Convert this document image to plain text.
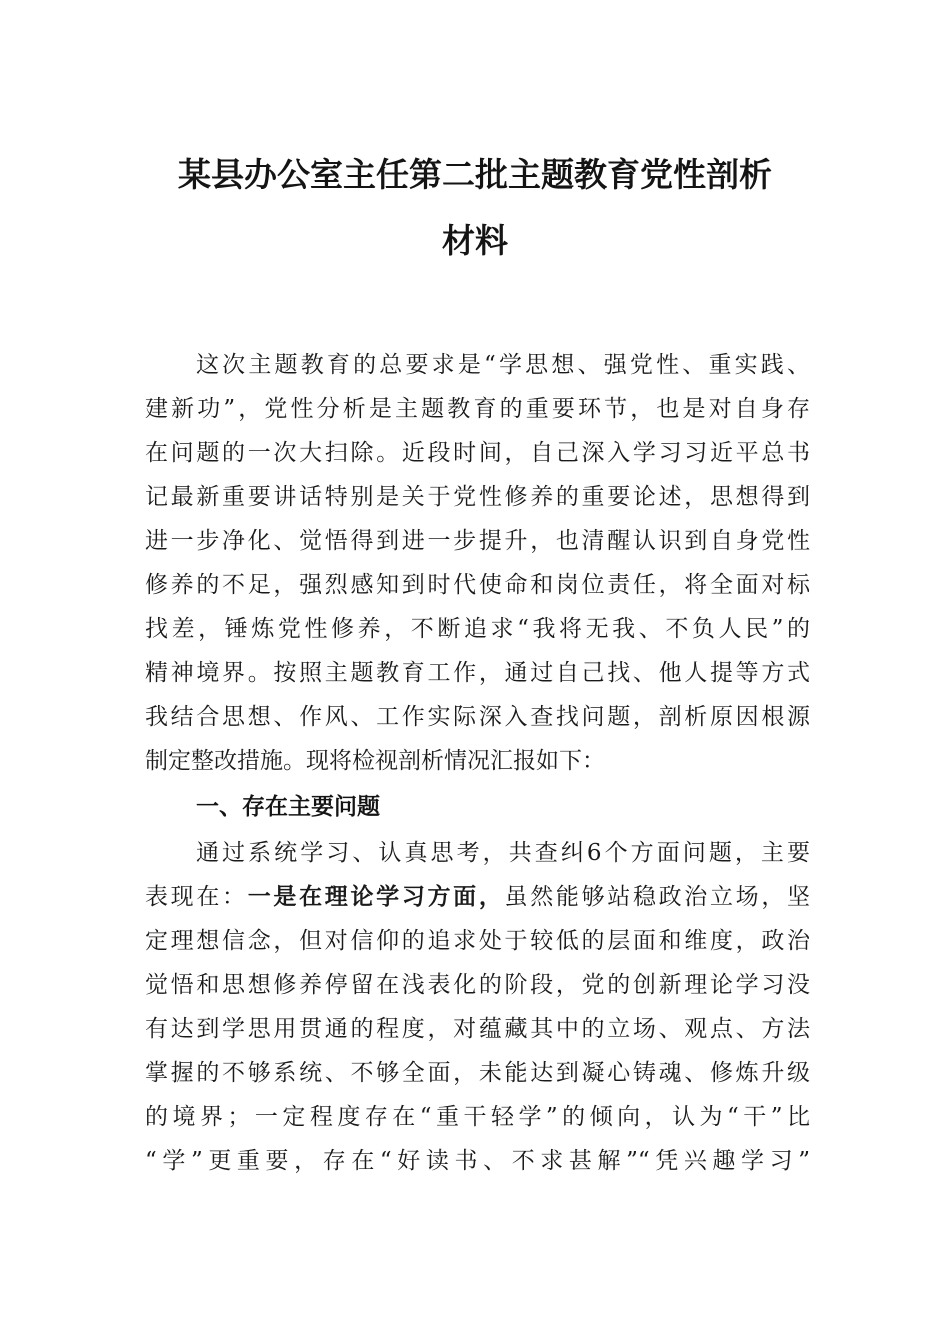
某县办公室主任第二批主题教育党性剖析
材料
这次主题教育的总要求是“学思想、强党性、重实践、
建新功”，党性分析是主题教育的重要环节，也是对自身存
在问题的一次大扫除。近段时间，自己深入学习习近平总书
记最新重要讲话特别是关于党性修养的重要论述，思想得到
进一步净化、觉悟得到进一步提升，也清醒认识到自身党性
修养的不足，强烈感知到时代使命和岗位责任，将全面对标
找差，锤炼党性修养，不断追求“我将无我、不负人民”的
精神境界。按照主题教育工作，通过自己找、他人提等方式
我结合思想、作风、工作实际深入查找问题，剖析原因根源
制定整改措施。现将检视剖析情况汇报如下：
一、存在主要问题
通过系统学习、认真思考，共查纠6个方面问题，主要
表现在：一是在理论学习方面，虽然能够站稳政治立场，坚
定理想信念，但对信仰的追求处于较低的层面和维度，政治
觉悟和思想修养停留在浅表化的阶段，党的创新理论学习没
有达到学思用贯通的程度，对蕴藏其中的立场、观点、方法
掌握的不够系统、不够全面，未能达到凝心铸魂、修炼升级
的境界；一定程度存在“重干轻学”的倾向，认为“干”比
“学”更重要，存在“好读书、不求甚解”“凭兴趣学习”
